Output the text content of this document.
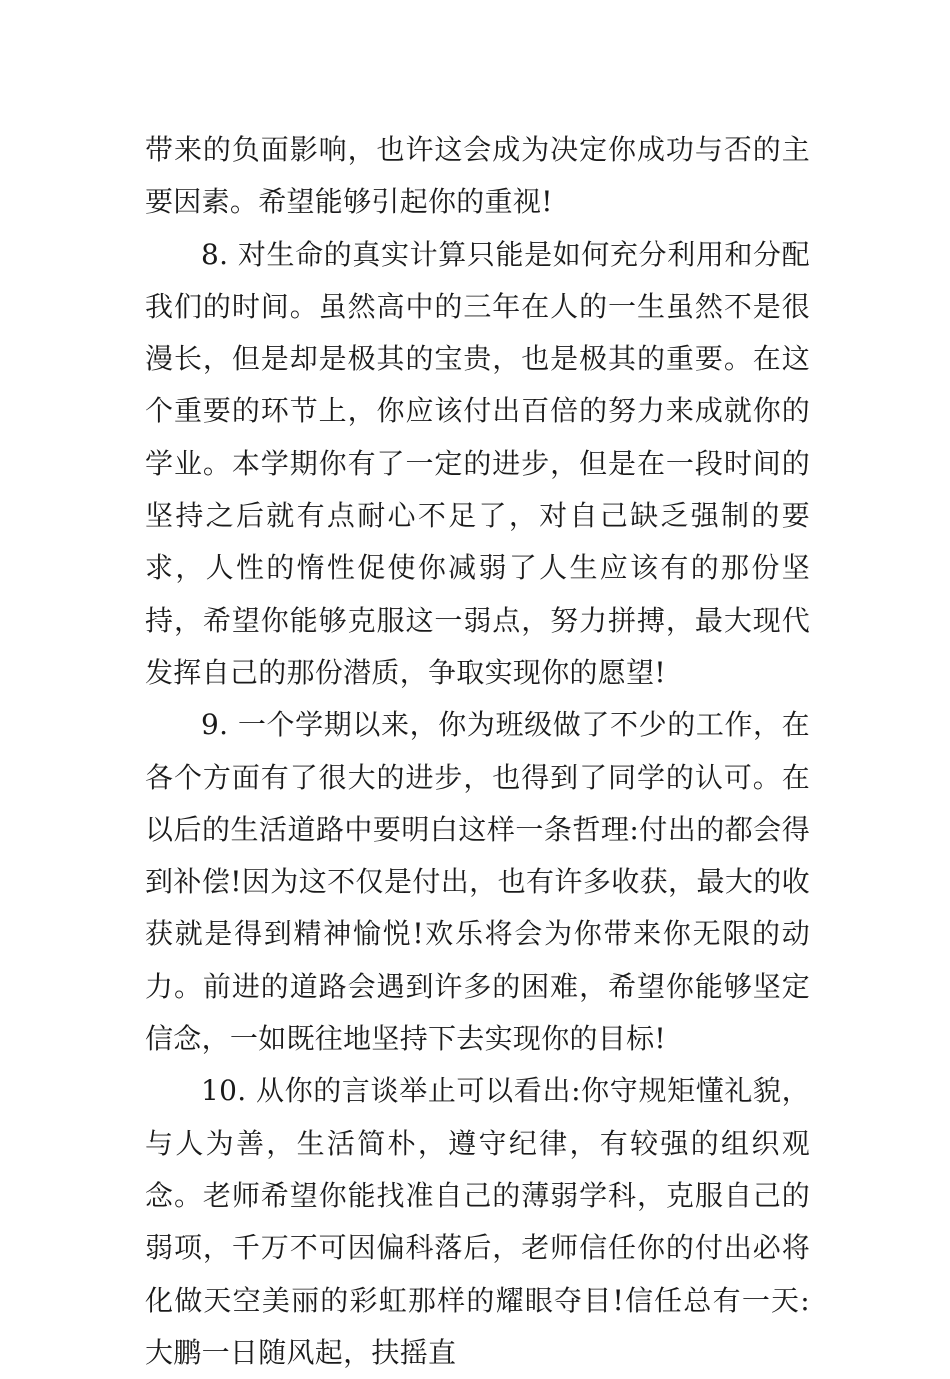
带来的负面影响，也许这会成为决定你成功与否的主要因素。希望能够引起你的重视!

8. 对生命的真实计算只能是如何充分利用和分配我们的时间。虽然高中的三年在人的一生虽然不是很漫长，但是却是极其的宝贵，也是极其的重要。在这个重要的环节上，你应该付出百倍的努力来成就你的学业。本学期你有了一定的进步，但是在一段时间的坚持之后就有点耐心不足了，对自己缺乏强制的要求，人性的惰性促使你减弱了人生应该有的那份坚持，希望你能够克服这一弱点，努力拼搏，最大现代发挥自己的那份潜质，争取实现你的愿望!

9. 一个学期以来，你为班级做了不少的工作，在各个方面有了很大的进步，也得到了同学的认可。在以后的生活道路中要明白这样一条哲理:付出的都会得到补偿!因为这不仅是付出，也有许多收获，最大的收获就是得到精神愉悦!欢乐将会为你带来你无限的动力。前进的道路会遇到许多的困难，希望你能够坚定信念，一如既往地坚持下去实现你的目标!

10. 从你的言谈举止可以看出:你守规矩懂礼貌，与人为善，生活简朴，遵守纪律，有较强的组织观念。老师希望你能找准自己的薄弱学科，克服自己的弱项，千万不可因偏科落后，老师信任你的付出必将化做天空美丽的彩虹那样的耀眼夺目!信任总有一天:大鹏一日随风起，扶摇直
